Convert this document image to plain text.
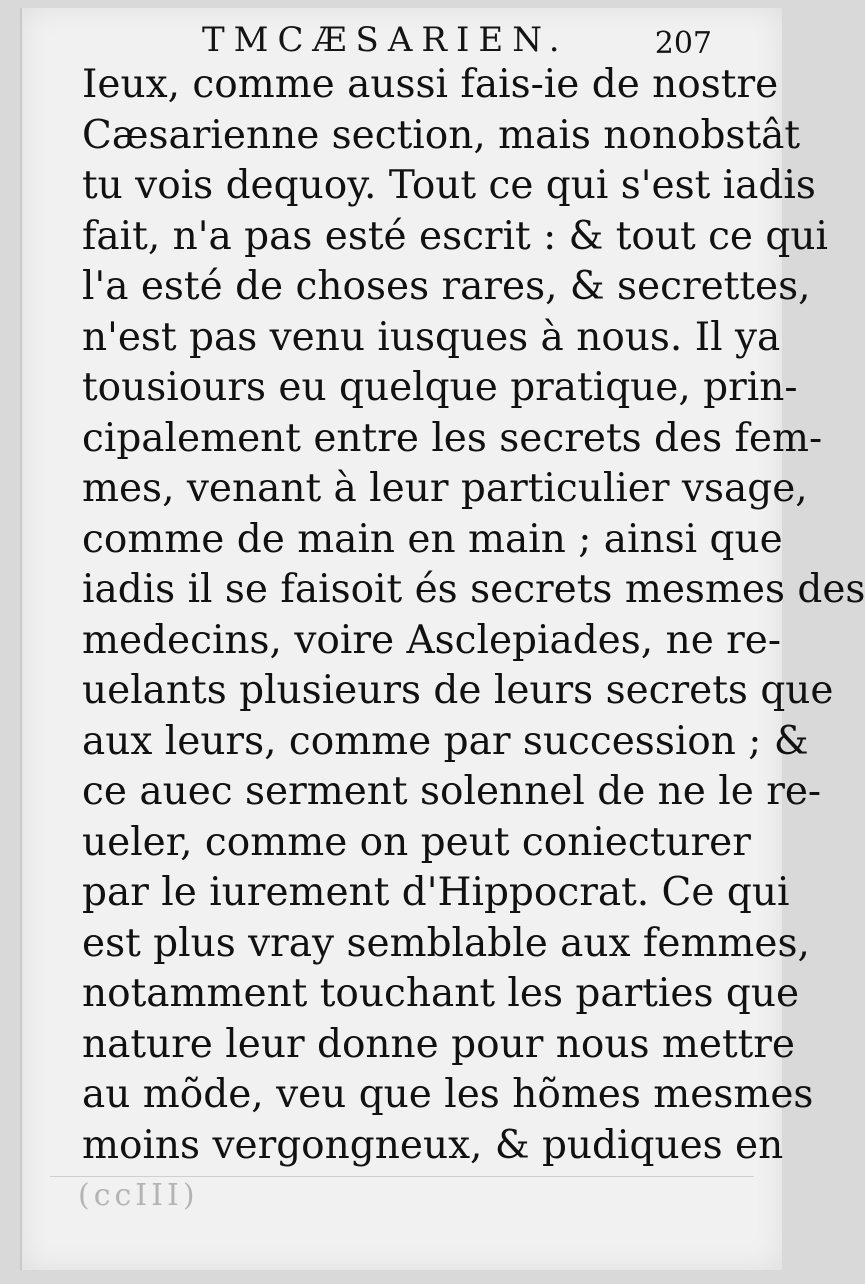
TMCÆSARIEN.	207
Ieux, comme aussi fais-ie de nostre
Cæsarienne section, mais nonobstât
tu vois dequoy. Tout ce qui s'est iadis
fait, n'a pas esté escrit : & tout ce qui
l'a esté de choses rares, & secrettes,
n'est pas venu iusques à nous. Il ya
tousiours eu quelque pratique, prin-
cipalement entre les secrets des fem-
mes, venant à leur particulier vsage,
comme de main en main ; ainsi que
iadis il se faisoit és secrets mesmes des
medecins, voire Asclepiades, ne re-
uelants plusieurs de leurs secrets que
aux leurs, comme par succession ; &
ce auec serment solennel de ne le re-
ueler, comme on peut coniecturer
par le iurement d'Hippocrat. Ce qui
est plus vray semblable aux femmes,
notamment touchant les parties que
nature leur donne pour nous mettre
au mõde, veu que les hõmes mesmes
moins vergongneux, & pudiques en
(ccIII)
